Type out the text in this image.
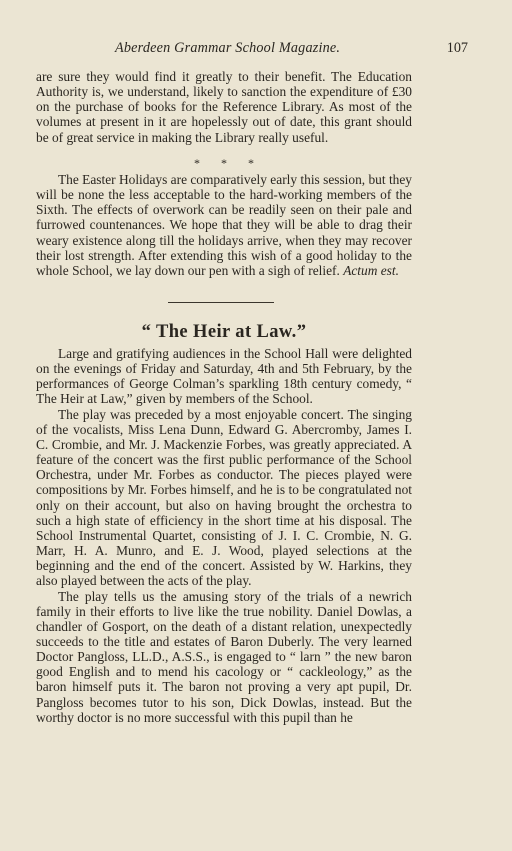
Aberdeen Grammar School Magazine.	107

are sure they would find it greatly to their benefit. The Education Authority is, we understand, likely to sanction the expenditure of £30 on the purchase of books for the Reference Library. As most of the volumes at present in it are hopelessly out of date, this grant should be of great service in making the Library really useful.

* * *

The Easter Holidays are comparatively early this session, but they will be none the less acceptable to the hard-working members of the Sixth. The effects of overwork can be readily seen on their pale and furrowed countenances. We hope that they will be able to drag their weary existence along till the holidays arrive, when they may recover their lost strength. After extending this wish of a good holiday to the whole School, we lay down our pen with a sigh of relief. Actum est.

“ The Heir at Law.”

Large and gratifying audiences in the School Hall were delighted on the evenings of Friday and Saturday, 4th and 5th February, by the performances of George Colman’s sparkling 18th century comedy, “ The Heir at Law,” given by members of the School.

The play was preceded by a most enjoyable concert. The singing of the vocalists, Miss Lena Dunn, Edward G. Abercromby, James I. C. Crombie, and Mr. J. Mackenzie Forbes, was greatly appreciated. A feature of the concert was the first public performance of the School Orchestra, under Mr. Forbes as conductor. The pieces played were compositions by Mr. Forbes himself, and he is to be congratulated not only on their account, but also on having brought the orchestra to such a high state of efficiency in the short time at his disposal. The School Instrumental Quartet, consisting of J. I. C. Crombie, N. G. Marr, H. A. Munro, and E. J. Wood, played selections at the beginning and the end of the concert. Assisted by W. Harkins, they also played between the acts of the play.

The play tells us the amusing story of the trials of a newrich family in their efforts to live like the true nobility. Daniel Dowlas, a chandler of Gosport, on the death of a distant relation, unexpectedly succeeds to the title and estates of Baron Duberly. The very learned Doctor Pangloss, LL.D., A.S.S., is engaged to “ larn ” the new baron good English and to mend his cacology or “ cackleology,” as the baron himself puts it. The baron not proving a very apt pupil, Dr. Pangloss becomes tutor to his son, Dick Dowlas, instead. But the worthy doctor is no more successful with this pupil than he
